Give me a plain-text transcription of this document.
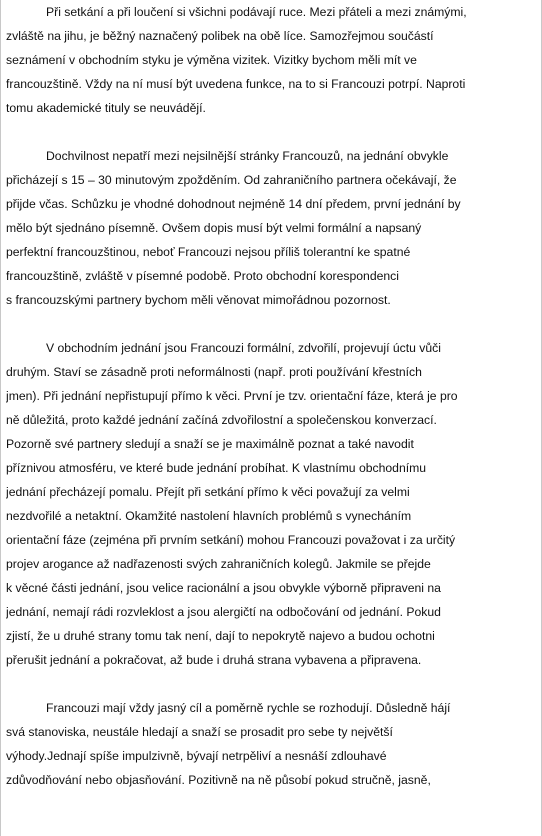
Při setkání a při loučení si všichni podávají ruce. Mezi přáteli a mezi známými,
zvláště na jihu, je běžný naznačený polibek na obě líce. Samozřejmou součástí
seznámení v obchodním styku je výměna vizitek. Vizitky bychom měli mít ve
francouzštině. Vždy na ní musí být uvedena funkce, na to si Francouzi potrpí. Naproti
tomu akademické tituly se neuvádějí.
Dochvilnost nepatří mezi nejsilnější stránky Francouzů, na jednání obvykle
přicházejí s 15 – 30 minutovým zpožděním. Od zahraničního partnera očekávají, že
přijde včas. Schůzku je vhodné dohodnout nejméně 14 dní předem, první jednání by
mělo být sjednáno písemně. Ovšem dopis musí být velmi formální a napsaný
perfektní francouzštinou, neboť Francouzi nejsou příliš tolerantní ke spatné
francouzštině, zvláště v písemné podobě. Proto obchodní korespondenci
s francouzskými partnery bychom měli věnovat mimořádnou pozornost.
V obchodním jednání jsou Francouzi formální, zdvořilí, projevují úctu vůči
druhým. Staví se zásadně proti neformálnosti (např. proti používání křestních
jmen). Při jednání nepřistupují přímo k věci. První je tzv. orientační fáze, která je pro
ně důležitá, proto každé jednání začíná zdvořilostní a společenskou konverzací.
Pozorně své partnery sledují a snaží se je maximálně poznat a také navodit
příznivou atmosféru, ve které bude jednání probíhat. K vlastnímu obchodnímu
jednání přecházejí pomalu. Přejít při setkání přímo k věci považují za velmi
nezdvořilé a netaktní. Okamžité nastolení hlavních problémů s vynecháním
orientační fáze (zejména při prvním setkání) mohou Francouzi považovat i za určitý
projev arogance až nadřazenosti svých zahraničních kolegů. Jakmile se přejde
k věcné části jednání, jsou velice racionální a jsou obvykle výborně připraveni na
jednání, nemají rádi rozvleklost a jsou alergičtí na odbočování od jednání. Pokud
zjistí, že u druhé strany tomu tak není, dají to nepokrytě najevo a budou ochotni
přerušit jednání a pokračovat, až bude i druhá strana vybavena a připravena.
Francouzi mají vždy jasný cíl a poměrně rychle se rozhodují. Důsledně hájí
svá stanoviska, neustále hledají a snaží se prosadit pro sebe ty největší
výhody.Jednají spíše impulzivně, bývají netrpěliví a nesnáší zdlouhavé
zdůvodňování nebo objasňování. Pozitivně na ně působí pokud stručně, jasně,
